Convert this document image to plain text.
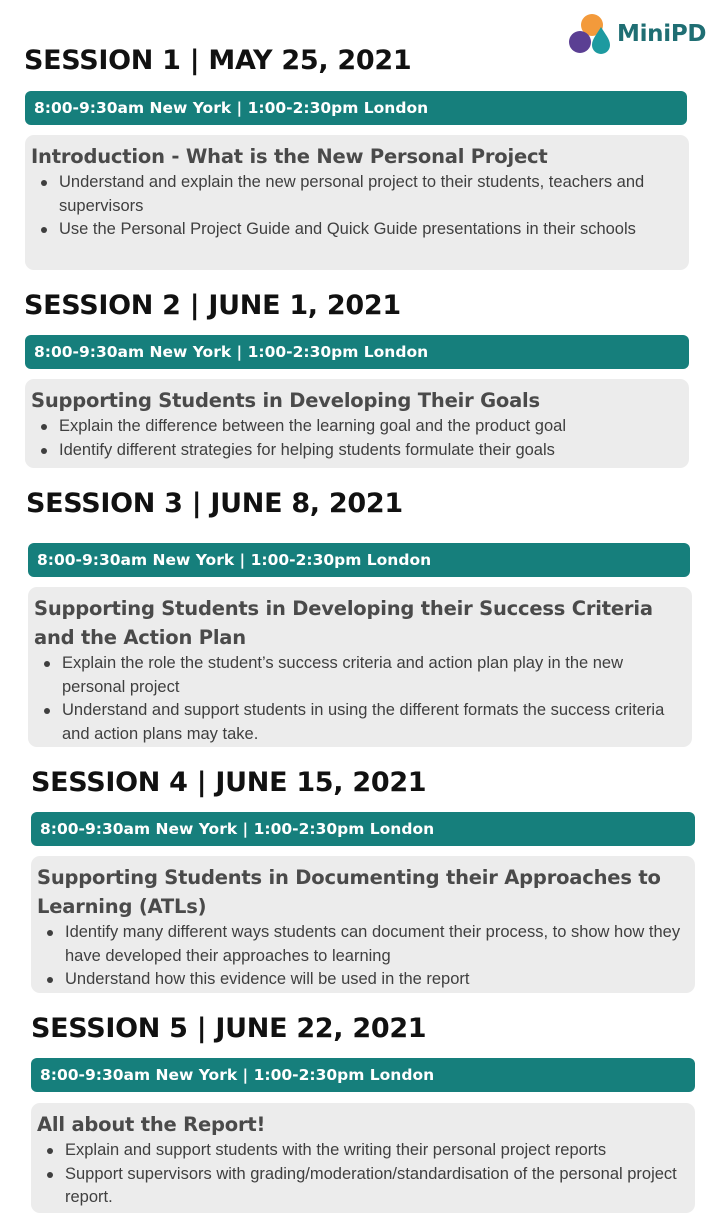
MiniPD
SESSION 1 | MAY 25, 2021
8:00-9:30am New York | 1:00-2:30pm London

Introduction - What is the New Personal Project

Understand and explain the new personal project to their students, teachers and supervisors
Use the Personal Project Guide and Quick Guide presentations in their schools
SESSION 2 | JUNE 1, 2021
8:00-9:30am New York | 1:00-2:30pm London

Supporting Students in Developing Their Goals

Explain the difference between the learning goal and the product goal
Identify different strategies for helping students formulate their goals
SESSION 3 | JUNE 8, 2021
8:00-9:30am New York | 1:00-2:30pm London

Supporting Students in Developing their Success Criteria and the Action Plan

Explain the role the student’s success criteria and action plan play in the new personal project
Understand and support students in using the different formats the success criteria and action plans may take.
SESSION 4 | JUNE 15, 2021
8:00-9:30am New York | 1:00-2:30pm London

Supporting Students in Documenting their Approaches to Learning (ATLs)

Identify many different ways students can document their process, to show how they have developed their approaches to learning
Understand how this evidence will be used in the report
SESSION 5 | JUNE 22, 2021
8:00-9:30am New York | 1:00-2:30pm London

All about the Report!

Explain and support students with the writing their personal project reports
Support supervisors with grading/moderation/standardisation of the personal project report.
